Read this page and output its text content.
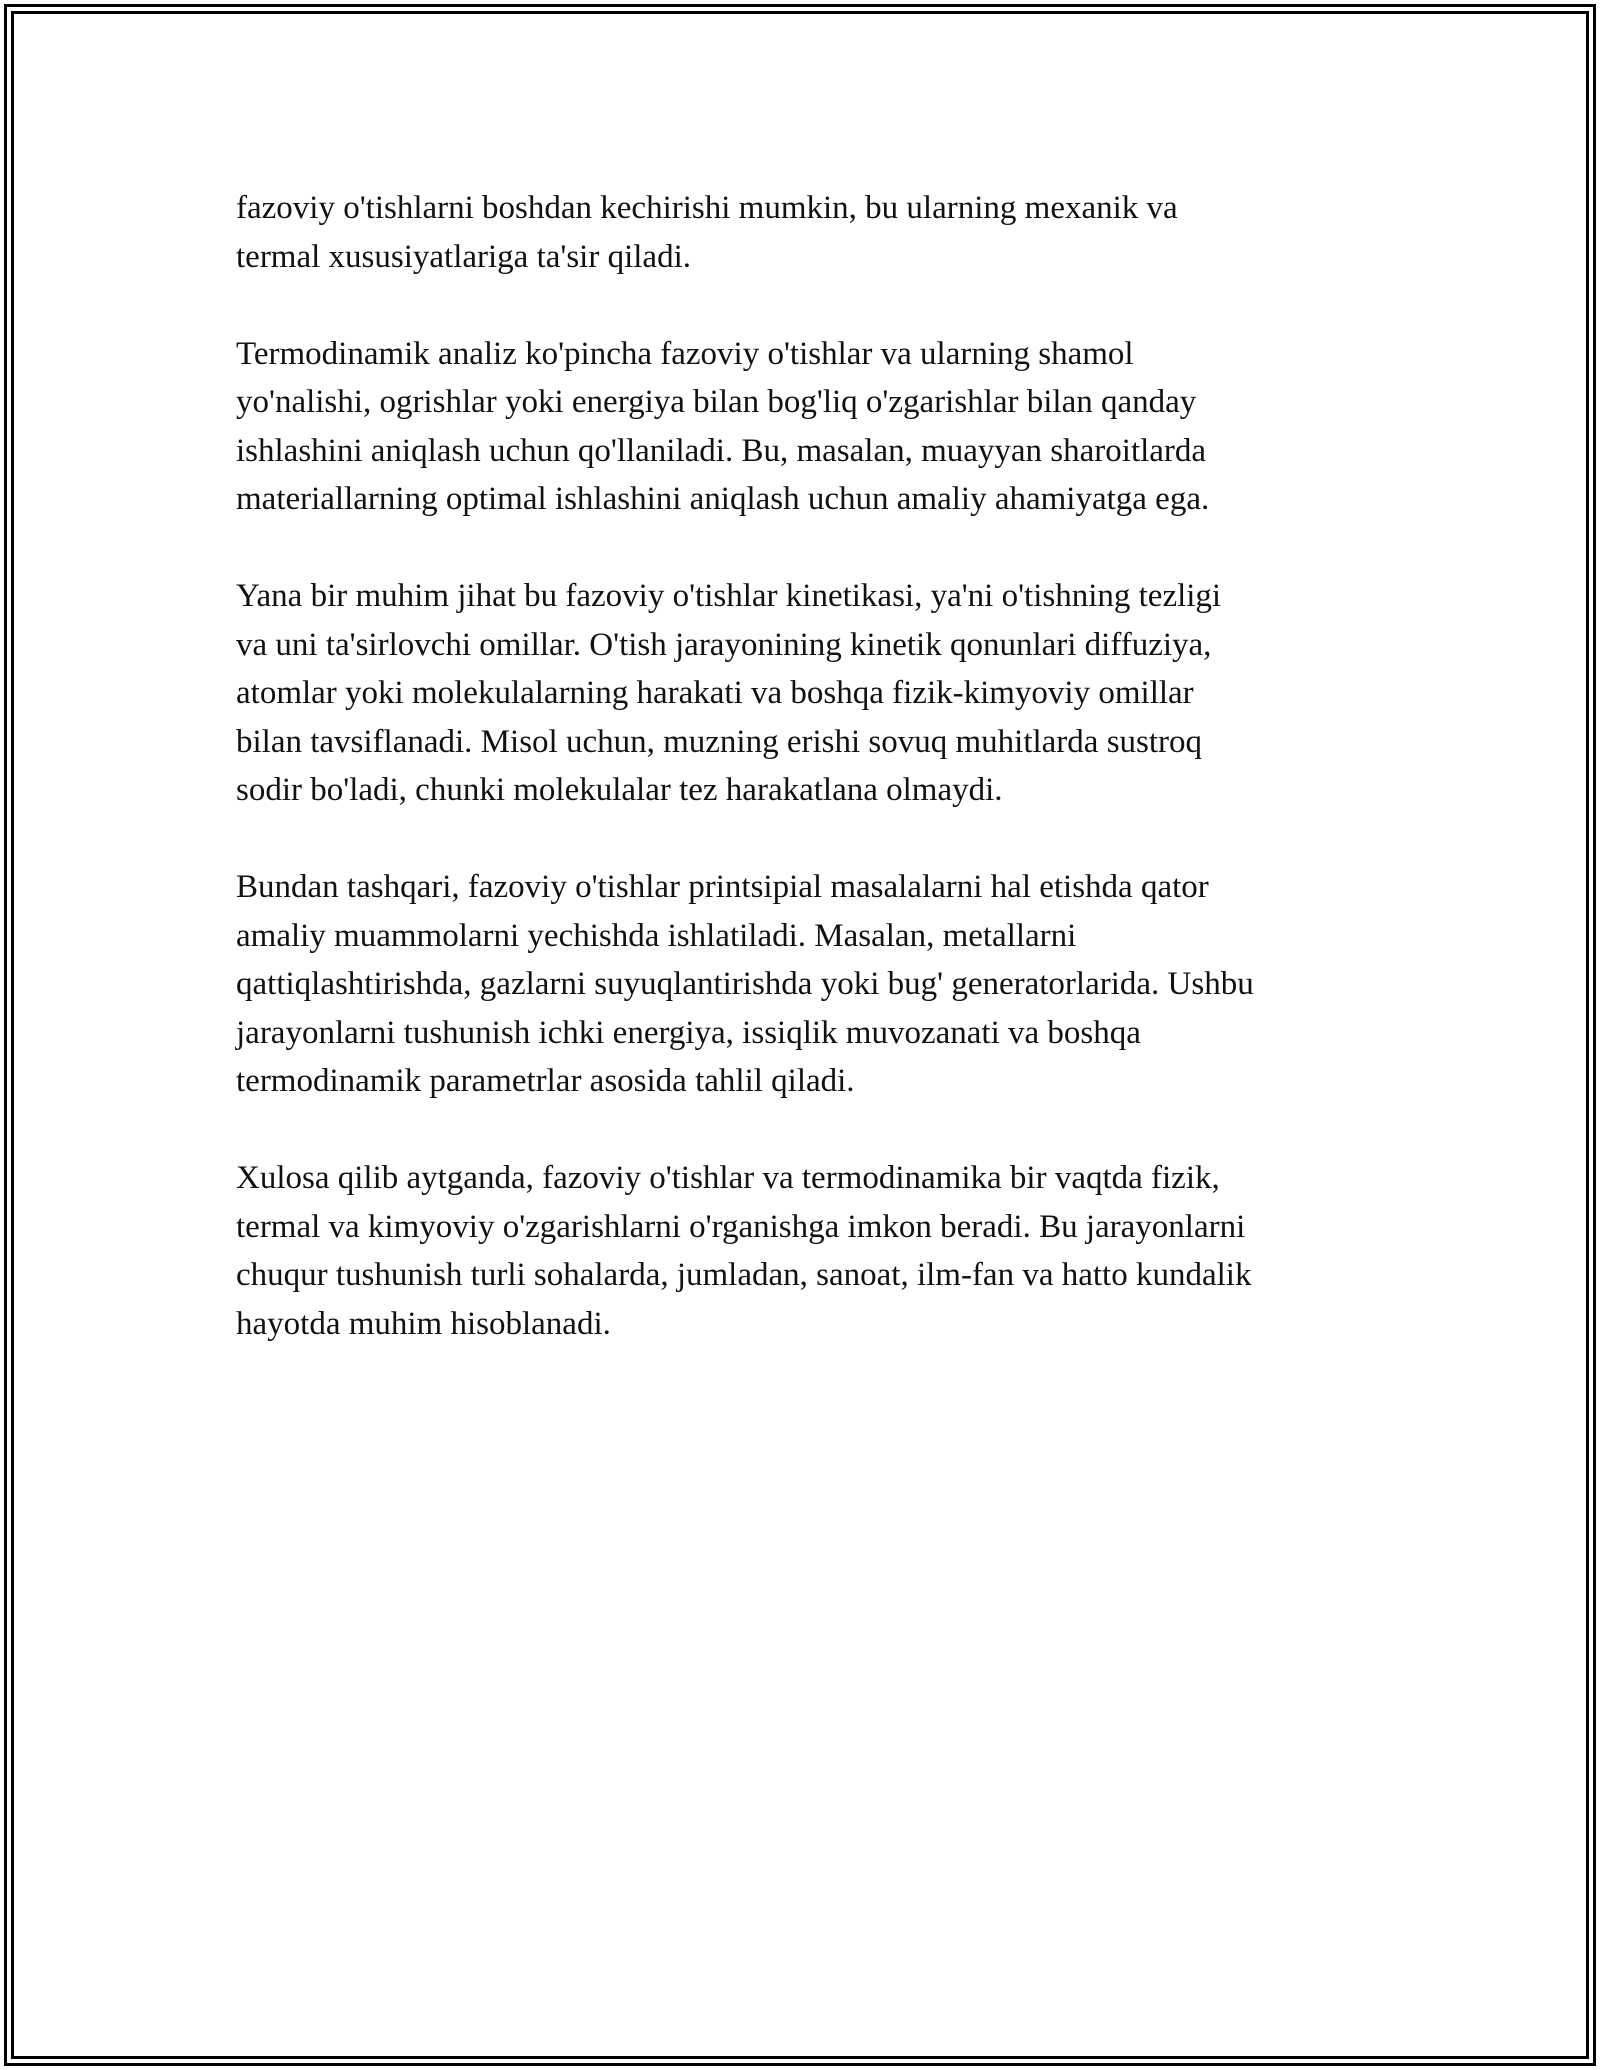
fazoviy o'tishlarni boshdan kechirishi mumkin, bu ularning mexanik va
termal xususiyatlariga ta'sir qiladi.

Termodinamik analiz ko'pincha fazoviy o'tishlar va ularning shamol
yo'nalishi, ogrishlar yoki energiya bilan bog'liq o'zgarishlar bilan qanday
ishlashini aniqlash uchun qo'llaniladi. Bu, masalan, muayyan sharoitlarda
materiallarning optimal ishlashini aniqlash uchun amaliy ahamiyatga ega.

Yana bir muhim jihat bu fazoviy o'tishlar kinetikasi, ya'ni o'tishning tezligi
va uni ta'sirlovchi omillar. O'tish jarayonining kinetik qonunlari diffuziya,
atomlar yoki molekulalarning harakati va boshqa fizik-kimyoviy omillar
bilan tavsiflanadi. Misol uchun, muzning erishi sovuq muhitlarda sustroq
sodir bo'ladi, chunki molekulalar tez harakatlana olmaydi.

Bundan tashqari, fazoviy o'tishlar printsipial masalalarni hal etishda qator
amaliy muammolarni yechishda ishlatiladi. Masalan, metallarni
qattiqlashtirishda, gazlarni suyuqlantirishda yoki bug' generatorlarida. Ushbu
jarayonlarni tushunish ichki energiya, issiqlik muvozanati va boshqa
termodinamik parametrlar asosida tahlil qiladi.

Xulosa qilib aytganda, fazoviy o'tishlar va termodinamika bir vaqtda fizik,
termal va kimyoviy o'zgarishlarni o'rganishga imkon beradi. Bu jarayonlarni
chuqur tushunish turli sohalarda, jumladan, sanoat, ilm-fan va hatto kundalik
hayotda muhim hisoblanadi.
